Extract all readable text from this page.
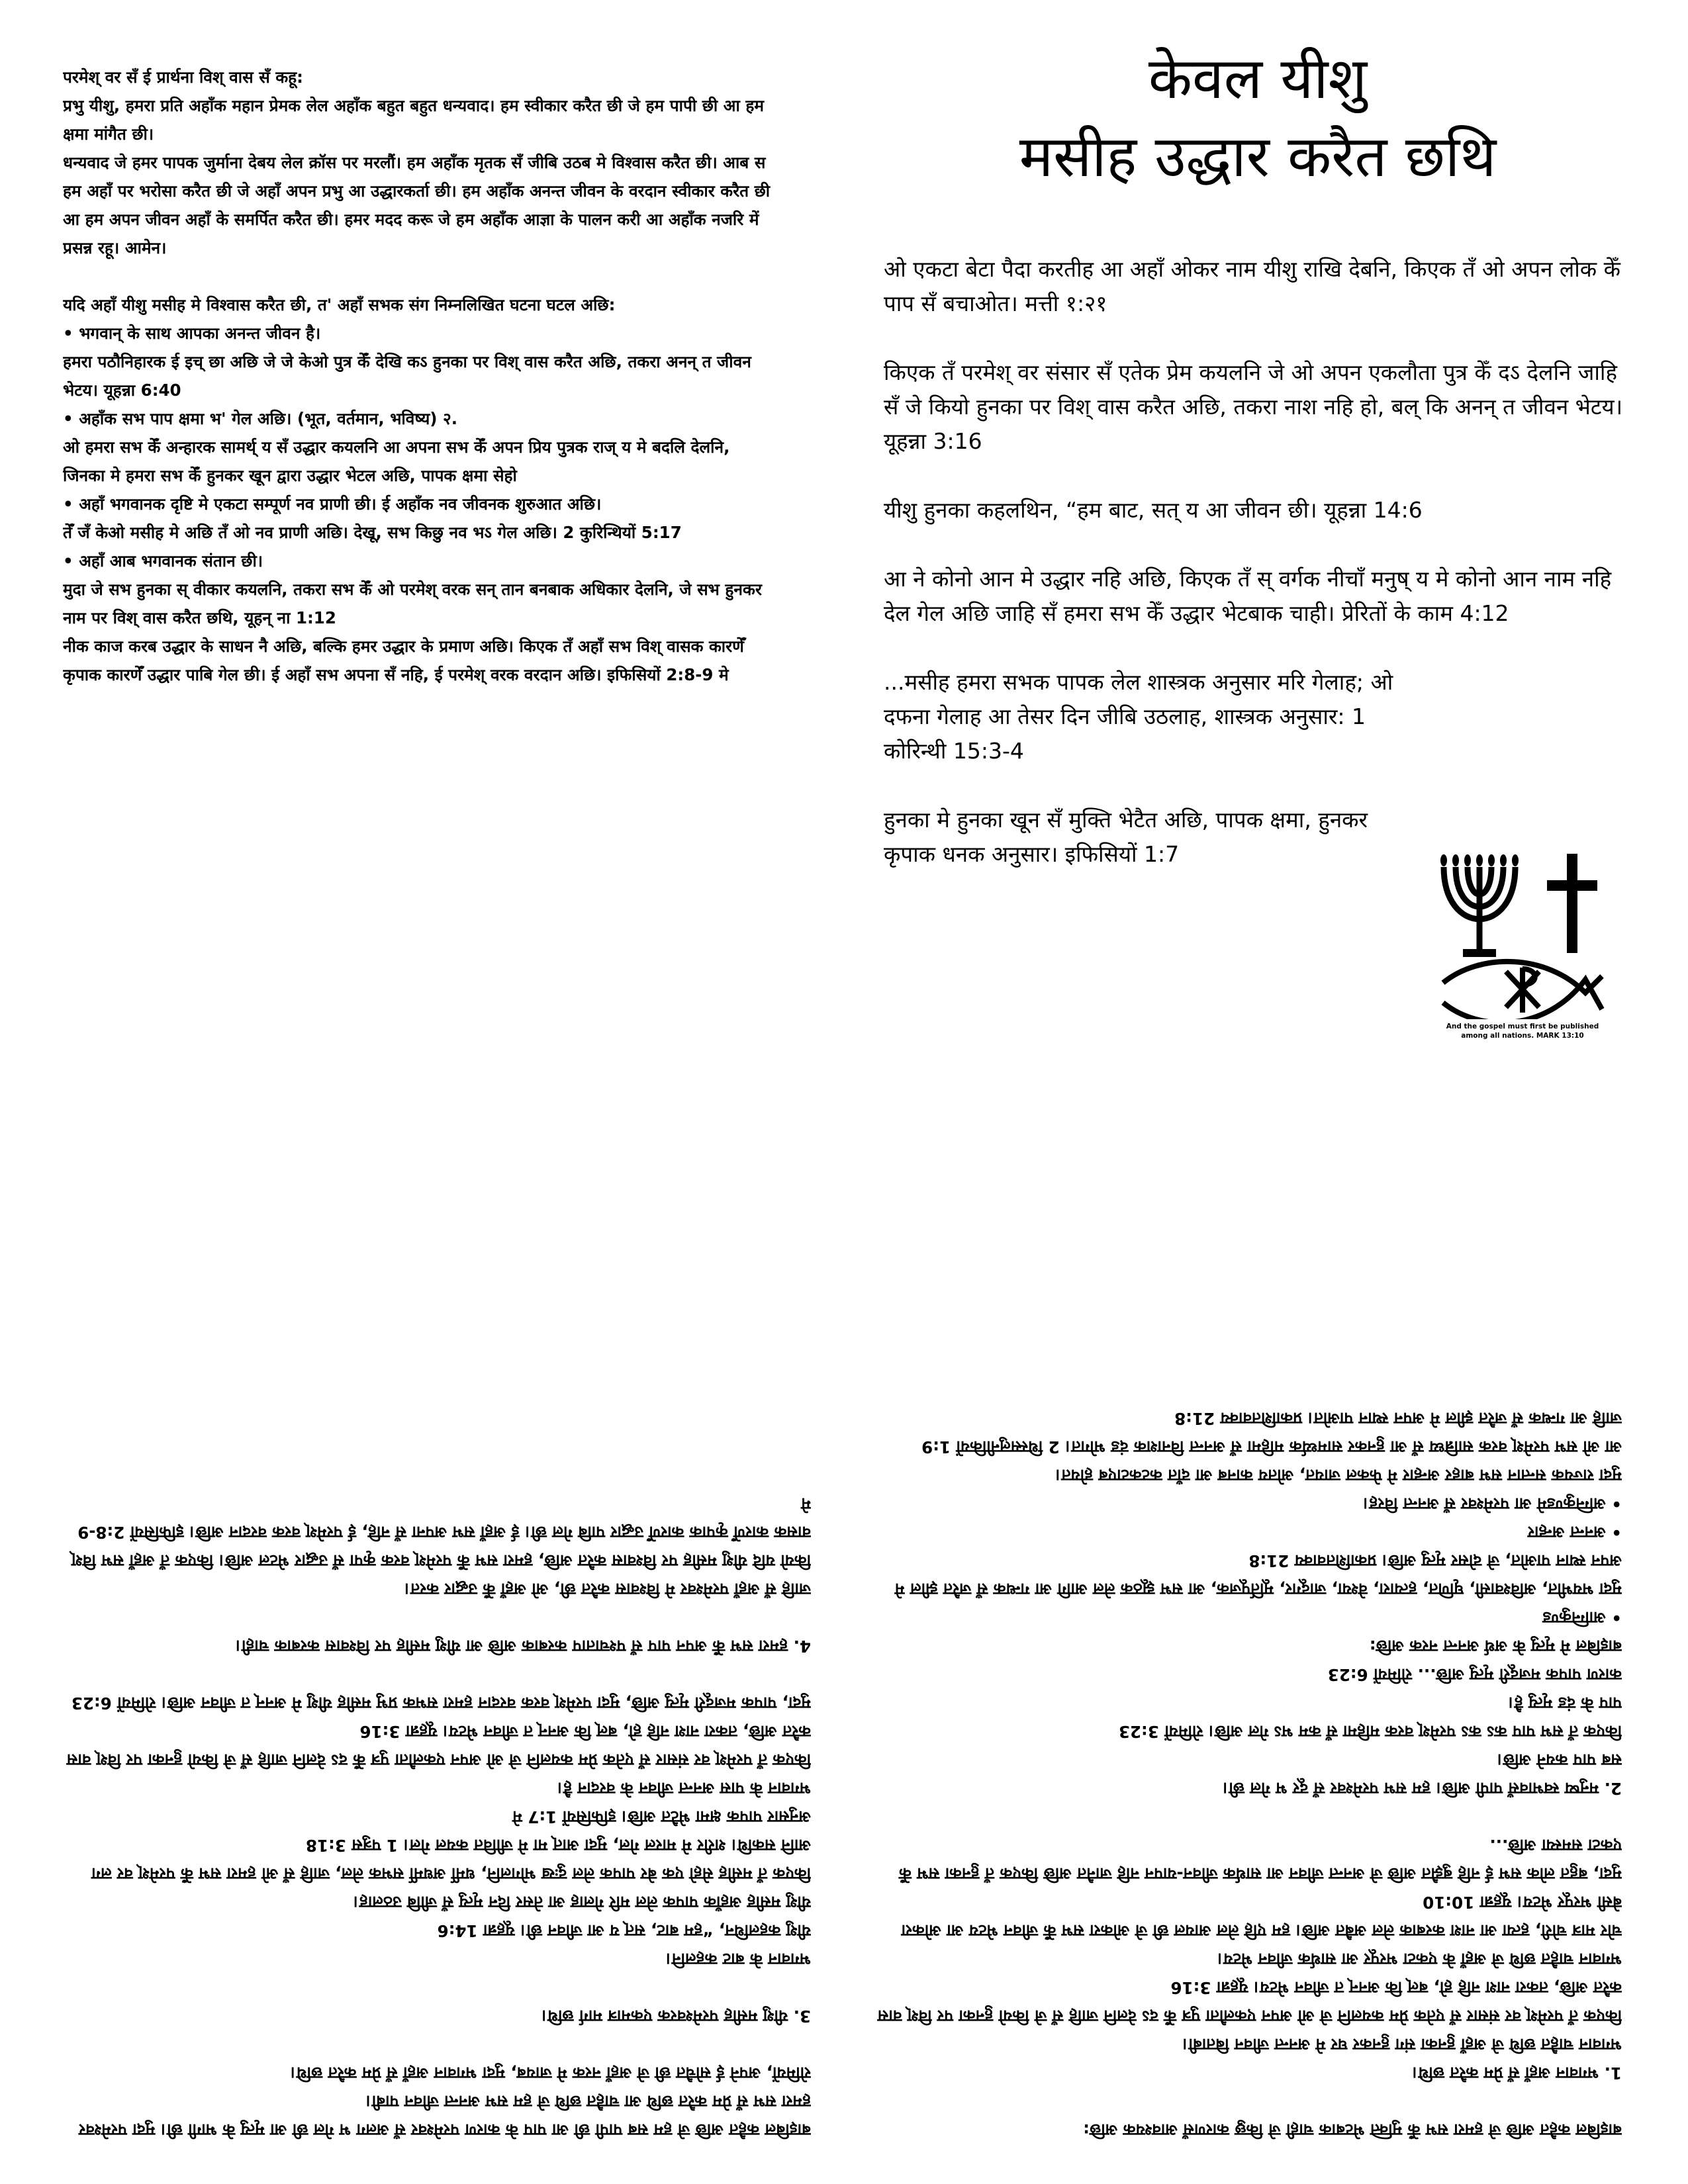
परमेश् वर सँ ई प्रार्थना विश् वास सँ कहू:

प्रभु यीशु, हमरा प्रति अहाँक महान प्रेमक लेल अहाँक बहुत बहुत धन्यवाद। हम स्वीकार करैत छी जे हम पापी छी आ हम क्षमा मांगैत छी।

धन्यवाद जे हमर पापक जुर्माना देबय लेल क्रॉस पर मरलौं। हम अहाँक मृतक सँ जीबि उठब मे विश्वास करैत छी। आब स हम अहाँ पर भरोसा करैत छी जे अहाँ अपन प्रभु आ उद्धारकर्ता छी। हम अहाँक अनन्त जीवन के वरदान स्वीकार करैत छी आ हम अपन जीवन अहाँ के समर्पित करैत छी। हमर मदद करू जे हम अहाँक आज्ञा के पालन करी आ अहाँक नजरि में प्रसन्न रहू। आमेन।

यदि अहाँ यीशु मसीह मे विश्वास करैत छी, त' अहाँ सभक संग निम्नलिखित घटना घटल अछि:

• भगवान् के साथ आपका अनन्त जीवन है।

हमरा पठौनिहारक ई इच् छा अछि जे जे केओ पुत्र केँ देखि कऽ हुनका पर विश् वास करैत अछि, तकरा अनन् त जीवन भेटय। यूहन्ना 6:40

• अहाँक सभ पाप क्षमा भ' गेल अछि। (भूत, वर्तमान, भविष्य) २.

ओ हमरा सभ केँ अन्हारक सामर्थ् य सँ उद्धार कयलनि आ अपना सभ केँ अपन प्रिय पुत्रक राज् य मे बदलि देलनि, जिनका मे हमरा सभ केँ हुनकर खून द्वारा उद्धार भेटल अछि, पापक क्षमा सेहो

• अहाँ भगवानक दृष्टि मे एकटा सम्पूर्ण नव प्राणी छी। ई अहाँक नव जीवनक शुरुआत अछि।

तेँ जँ केओ मसीह मे अछि तँ ओ नव प्राणी अछि। देखू, सभ किछु नव भऽ गेल अछि। 2 कुरिन्थियों 5:17

• अहाँ आब भगवानक संतान छी।

मुदा जे सभ हुनका स् वीकार कयलनि, तकरा सभ केँ ओ परमेश् वरक सन् तान बनबाक अधिकार देलनि, जे सभ हुनकर नाम पर विश् वास करैत छथि, यूहन् ना 1:12

नीक काज करब उद्धार के साधन नै अछि, बल्कि हमर उद्धार के प्रमाण अछि। किएक तँ अहाँ सभ विश् वासक कारणेँ कृपाक कारणेँ उद्धार पाबि गेल छी। ई अहाँ सभ अपना सँ नहि, ई परमेश् वरक वरदान अछि। इफिसियों 2:8-9 मे

केवल यीशु
मसीह उद्धार करैत छथि

ओ एकटा बेटा पैदा करतीह आ अहाँ ओकर नाम यीशु राखि देबनि, किएक तँ ओ अपन लोक केँ पाप सँ बचाओत। मत्ती १:२१

किएक तँ परमेश् वर संसार सँ एतेक प्रेम कयलनि जे ओ अपन एकलौता पुत्र केँ दऽ देलनि जाहि सँ जे कियो हुनका पर विश् वास करैत अछि, तकरा नाश नहि हो, बल् कि अनन् त जीवन भेटय। यूहन्ना 3:16

यीशु हुनका कहलथिन, “हम बाट, सत् य आ जीवन छी। यूहन्ना 14:6

आ ने कोनो आन मे उद्धार नहि अछि, किएक तँ स् वर्गक नीचाँ मनुष् य मे कोनो आन नाम नहि देल गेल अछि जाहि सँ हमरा सभ केँ उद्धार भेटबाक चाही। प्रेरितों के काम 4:12

...मसीह हमरा सभक पापक लेल शास्त्रक अनुसार मरि गेलाह; ओ दफना गेलाह आ तेसर दिन जीबि उठलाह, शास्त्रक अनुसार: 1 कोरिन्थी 15:3-4

हुनका मे हुनका खून सँ मुक्ति भेटैत अछि, पापक क्षमा, हुनकर कृपाक धनक अनुसार। इफिसियों 1:7

And the gospel must first be published
among all nations. MARK 13:10

बाइबिल कहैत अछि जे हम सब पापी छी आ पाप के कारण परमेश्वर सँ अलग भ गेल छी आ मृत्यु के भागी छी। मुदा परमेश्वर हमरा सभ सँ प्रेम करैत छथि आ चाहैत छथि जे हम सभ अनन्त जीवन पाबी।

रोमियों, अपने ई सोचैत छी जे अहाँ नरक मे जायब, मुदा भगवान अहाँ सँ प्रेम करैत छथि।

3. यीशु मसीह परमेश्वरक एकमात्र मार्ग छथि।

भगवान के बाट कहलनि।

यीशु कहलथिन, “हम बाट, सत् य आ जीवन छी। यूहन्ना 14:6

यीशु मसीह अहाँक पापक लेल मरि गेलाह आ तेसर दिन मृत्यु सँ जीबि उठलाह।

किएक तँ मसीह सेहो एक बेर पापक लेल दुःख भोगलनि, धर्मी अधर्मी सभक लेल, जाहि सँ ओ हमरा सभ केँ परमेश् वर लग आनि सकथि। शरीर मे मारल गेल, मुदा आत् मा मे जीवित कयल गेल। 1 पत्रुस 3:18

अनुसार पापक क्षमा भेटैत अछि। इफिसियों 1:7 मे

भगवान के पास अनन्त जीवन के वरदान है।

किएक तँ परमेश् वर संसार सँ एतेक प्रेम कयलनि जे ओ अपन एकलौता पुत्र केँ दऽ देलनि जाहि सँ जे कियो हुनका पर विश् वास करैत अछि, तकरा नाश नहि हो, बल् कि अनन् त जीवन भेटय। यूहन्ना 3:16

मुदा, पापक मजदूरी मृत्यु अछि, मुदा परमेश् वरक वरदान हमरा सभक प्रभु मसीह यीशु मे अनन् त जीवन अछि। रोमियों 6:23

4. हमरा सभ केँ अपन पाप सँ पश्चाताप करबाक अछि आ यीशु मसीह पर विश्वास करबाक चाही।

जाहि सँ अहाँ परमेश्वर मे विश्वास करैत छी, ओ अहाँ केँ उद्धार करत।

कियो यदि यीशु मसीह पर विश्वास करैत अछि, हमरा सभ केँ परमेश् वरक कृपा सँ उद्धार भेटल अछि। किएक तँ अहाँ सभ विश् वासक कारणेँ कृपाक कारणेँ उद्धार पाबि गेल छी। ई अहाँ सभ अपना सँ नहि, ई परमेश् वरक वरदान अछि। इफिसियों 2:8-9 मे

बाइबिल कहैत अछि जे हमरा सभ केँ मुक्ति भेटबाक चाही जे किछु कारणसँ आवश्यक अछि:

1. भगवान अहाँ सँ प्रेम करैत छथि।

भगवान चाहैत छथि जे अहाँ हुनका संग हुनकर घर मे अनन्त जीवन बिताबी।

किएक तँ परमेश् वर संसार सँ एतेक प्रेम कयलनि जे ओ अपन एकलौता पुत्र केँ दऽ देलनि जाहि सँ जे कियो हुनका पर विश् वास करैत अछि, तकरा नाश नहि हो, बल् कि अनन् त जीवन भेटय। यूहन्ना 3:16

भगवान चाहैत छथि जे अहाँ के एकटा भरपूर आ सार्थक जीवन भेटय।

चोर मात्र चोरी, हत्या आ नाश करबाक लेल अबैत अछि। हम एहि लेल आयल छी जे ओकरा सभ केँ जीवन भेटय आ ओकरा बेसी भरपूर भेटय। यूहन्ना 10:10

मुदा, बहुत लोक सभ ई नहि बुझैत अछि जे अनन्त जीवन आ सार्थक जीवन-यापन नहि जानैत अछि किएक तँ हुनका सभ केँ एकटा समस्या अछि...

2. मनुष्य स्वभावसँ पापी अछि। हम सभ परमेश्वर सँ दूर भ गेल छी।

सब पाप कयने अछि।

किएक तँ सभ पाप कऽ कऽ परमेश् वरक महिमा सँ कम भऽ गेल अछि। रोमियों 3:23

पाप के दंड मृत्यु है।

कारण पापक मजदूरी मृत्यु अछि... रोमियों 6:23

बाइबिल मे मृत्यु के अर्थ अनन्त नरक अछि:

• आग्निकुण्ड

मुदा भयभीत, अविश्वासी, घृणित, हत्यारा, वेश्या, जादूगर, मूर्तिपूजक, आ सभ झूठक लेल आगि आ गन्धक सँ जरैत झील मे अपन स्थान पाओत, जे दोसर मृत्यु अछि। प्रकाशितवाक्य 21:8

• अनन्त अन्हार

• अग्निकुण्डमे आ परमेश्वर सँ अनन्त विरह।

मुदा राज्यक सन्तान सभ बाहर अन्हार मे फेकल जायत, ओतय कानब आ दाँत कटकटाएब होयत।

आ ओ सभ परमेश् वरक सान्निध्य सँ आ हुनकर सामर्थ्यक महिमा सँ अनन्त विनाशक दंड भोगत। 2 थिस्सलुनीकियों 1:9

जाहि आ गन्धक सँ जरैत झील मे अपन स्थान पाओत। प्रकाशितवाक्य 21:8
